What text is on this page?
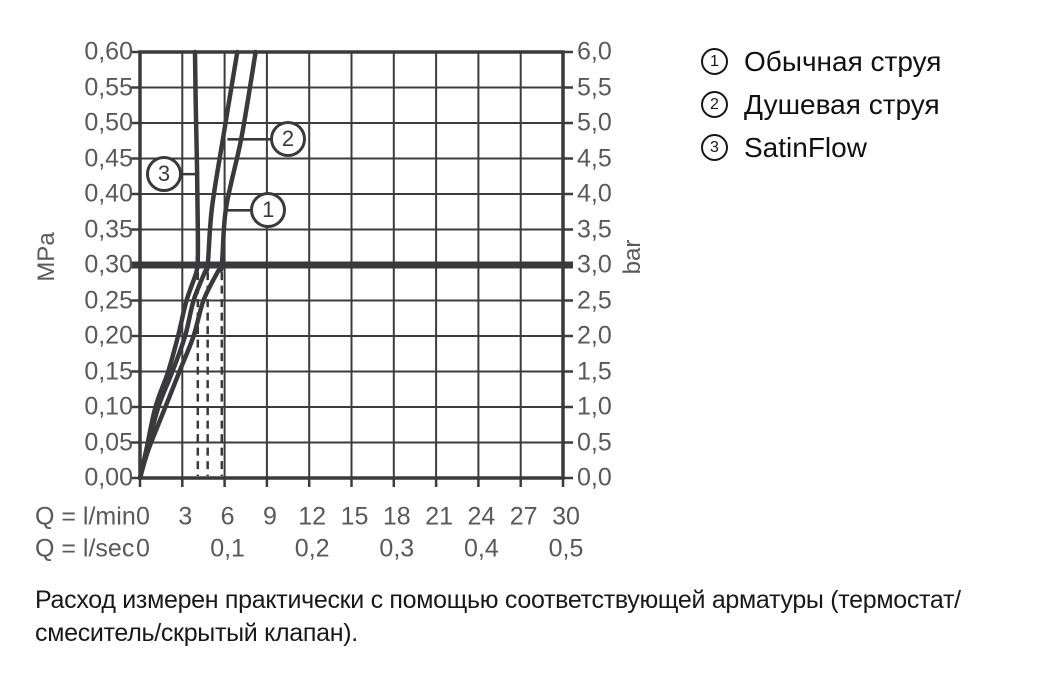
0,00
0,05
0,10
0,15
0,20
0,25
0,30
0,35
0,40
0,45
0,50
0,55
0,60
0,0
0,5
1,0
1,5
2,0
2,5
3,0
3,5
4,0
4,5
5,0
5,5
6,0
0 3 6 9 12 15 18 21 24 27 30
0 0,1 0,2 0,3 0,4 0,5
1
2
3
MPa	bar
Q = l/min
Q = l/sec
1 Обычная струя
2 Душевая струя
3 SatinFlow
Расход измерен практически с помощью соответствующей арматуры (термостат/
смеситель/скрытый клапан).
